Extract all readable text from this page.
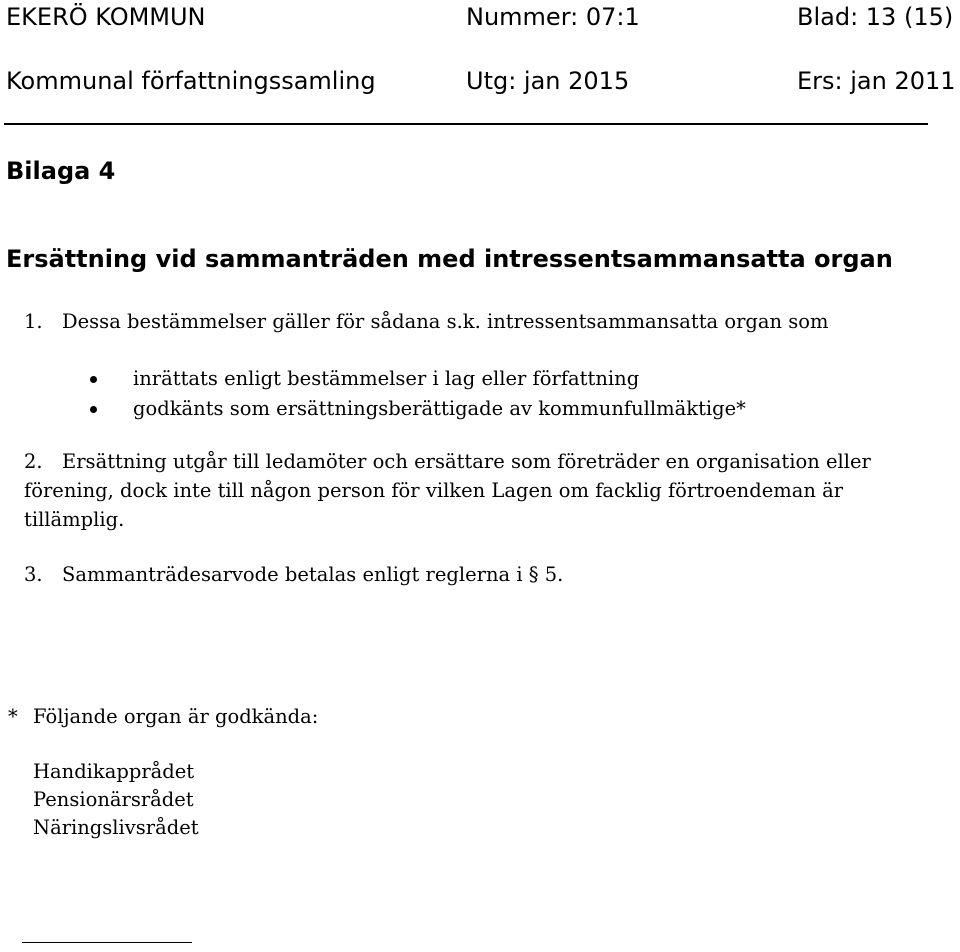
EKERÖ KOMMUN	Nummer: 07:1	Blad: 13 (15)
Kommunal författningssamling	Utg: jan 2015	Ers: jan 2011
Bilaga 4
Ersättning vid sammanträden med intressentsammansatta organ
1. Dessa bestämmelser gäller för sådana s.k. intressentsammansatta organ som
inrättats enligt bestämmelser i lag eller författning
godkänts som ersättningsberättigade av kommunfullmäktige*
2. Ersättning utgår till ledamöter och ersättare som företräder en organisation eller
förening, dock inte till någon person för vilken Lagen om facklig förtroendeman är
tillämplig.
3. Sammanträdesarvode betalas enligt reglerna i § 5.
* Följande organ är godkända:
Handikapprådet
Pensionärsrådet
Näringslivsrådet
